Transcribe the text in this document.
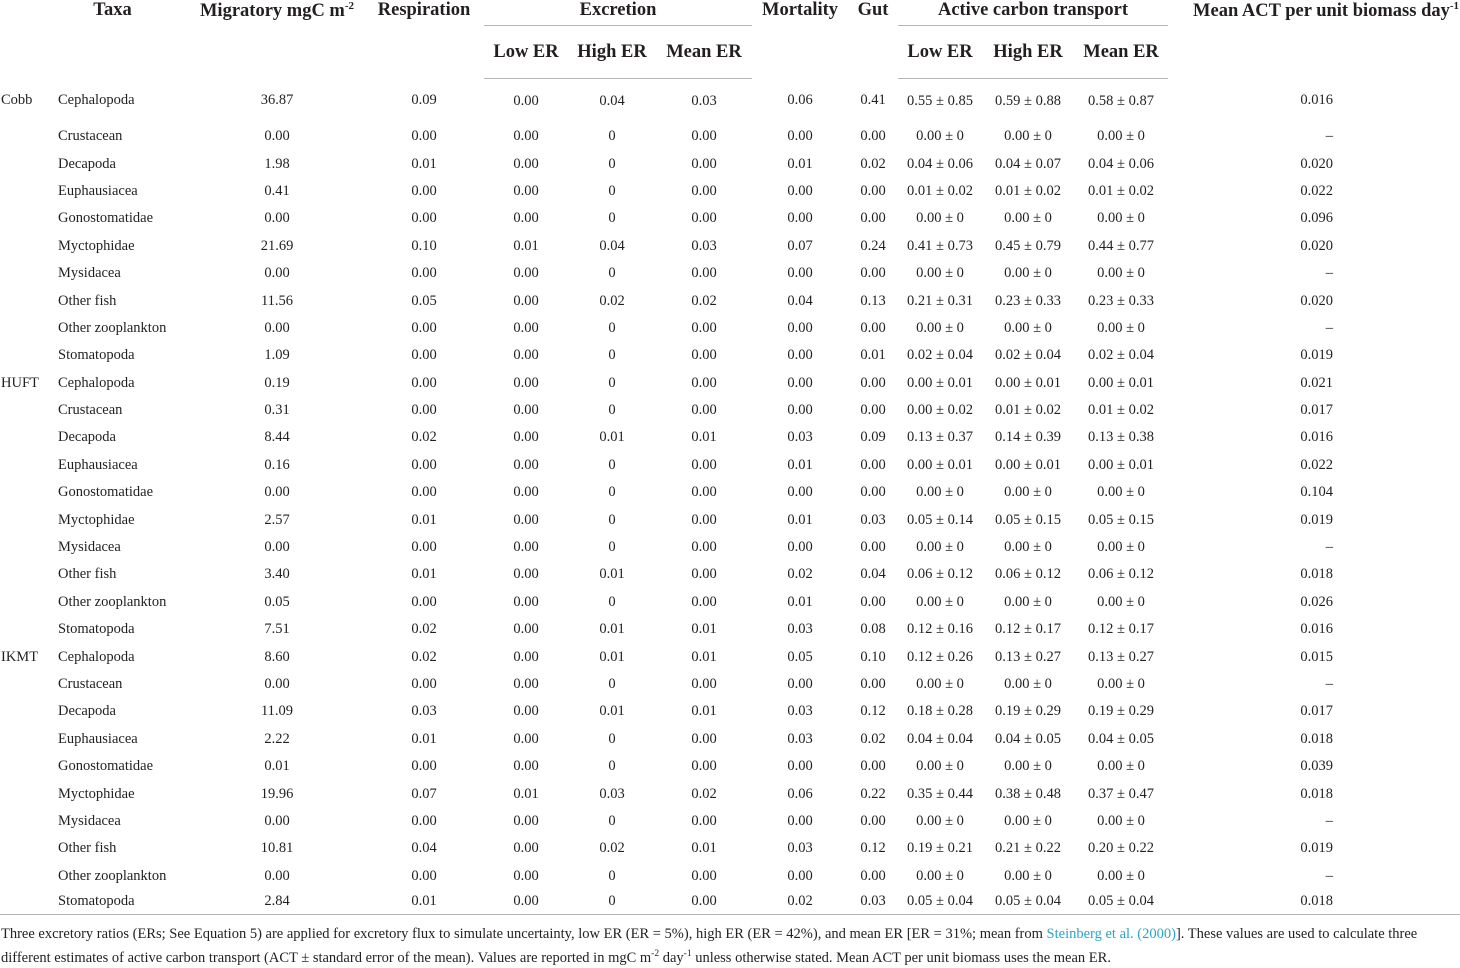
Taxa		Migratory mgC $m^{-2}$	Respiration	Excretion			Mortality	Gut	Active carbon transport			Mean ACT per unit biomass day$^{-1}$
				Low ER	High ER	Mean ER			Low ER	High ER	Mean ER	
Cobb	Cephalopoda	36.87	0.09	0.00	0.04	0.03	0.06	0.41	0.55 ± 0.85	0.59 ± 0.88	0.58 ± 0.87	0.016
	Crustacean	0.00	0.00	0.00	0	0.00	0.00	0.00	0.00 ± 0	0.00 ± 0	0.00 ± 0	–
	Decapoda	1.98	0.01	0.00	0	0.00	0.01	0.02	0.04 ± 0.06	0.04 ± 0.07	0.04 ± 0.06	0.020
	Euphausiacea	0.41	0.00	0.00	0	0.00	0.00	0.00	0.01 ± 0.02	0.01 ± 0.02	0.01 ± 0.02	0.022
	Gonostomatidae	0.00	0.00	0.00	0	0.00	0.00	0.00	0.00 ± 0	0.00 ± 0	0.00 ± 0	0.096
	Myctophidae	21.69	0.10	0.01	0.04	0.03	0.07	0.24	0.41 ± 0.73	0.45 ± 0.79	0.44 ± 0.77	0.020
	Mysidacea	0.00	0.00	0.00	0	0.00	0.00	0.00	0.00 ± 0	0.00 ± 0	0.00 ± 0	–
	Other fish	11.56	0.05	0.00	0.02	0.02	0.04	0.13	0.21 ± 0.31	0.23 ± 0.33	0.23 ± 0.33	0.020
	Other zooplankton	0.00	0.00	0.00	0	0.00	0.00	0.00	0.00 ± 0	0.00 ± 0	0.00 ± 0	–
	Stomatopoda	1.09	0.00	0.00	0	0.00	0.00	0.01	0.02 ± 0.04	0.02 ± 0.04	0.02 ± 0.04	0.019
HUFT	Cephalopoda	0.19	0.00	0.00	0	0.00	0.00	0.00	0.00 ± 0.01	0.00 ± 0.01	0.00 ± 0.01	0.021
	Crustacean	0.31	0.00	0.00	0	0.00	0.00	0.00	0.00 ± 0.02	0.01 ± 0.02	0.01 ± 0.02	0.017
	Decapoda	8.44	0.02	0.00	0.01	0.01	0.03	0.09	0.13 ± 0.37	0.14 ± 0.39	0.13 ± 0.38	0.016
	Euphausiacea	0.16	0.00	0.00	0	0.00	0.01	0.00	0.00 ± 0.01	0.00 ± 0.01	0.00 ± 0.01	0.022
	Gonostomatidae	0.00	0.00	0.00	0	0.00	0.00	0.00	0.00 ± 0	0.00 ± 0	0.00 ± 0	0.104
	Myctophidae	2.57	0.01	0.00	0	0.00	0.01	0.03	0.05 ± 0.14	0.05 ± 0.15	0.05 ± 0.15	0.019
	Mysidacea	0.00	0.00	0.00	0	0.00	0.00	0.00	0.00 ± 0	0.00 ± 0	0.00 ± 0	–
	Other fish	3.40	0.01	0.00	0.01	0.00	0.02	0.04	0.06 ± 0.12	0.06 ± 0.12	0.06 ± 0.12	0.018
	Other zooplankton	0.05	0.00	0.00	0	0.00	0.01	0.00	0.00 ± 0	0.00 ± 0	0.00 ± 0	0.026
	Stomatopoda	7.51	0.02	0.00	0.01	0.01	0.03	0.08	0.12 ± 0.16	0.12 ± 0.17	0.12 ± 0.17	0.016
IKMT	Cephalopoda	8.60	0.02	0.00	0.01	0.01	0.05	0.10	0.12 ± 0.26	0.13 ± 0.27	0.13 ± 0.27	0.015
	Crustacean	0.00	0.00	0.00	0	0.00	0.00	0.00	0.00 ± 0	0.00 ± 0	0.00 ± 0	–
	Decapoda	11.09	0.03	0.00	0.01	0.01	0.03	0.12	0.18 ± 0.28	0.19 ± 0.29	0.19 ± 0.29	0.017
	Euphausiacea	2.22	0.01	0.00	0	0.00	0.03	0.02	0.04 ± 0.04	0.04 ± 0.05	0.04 ± 0.05	0.018
	Gonostomatidae	0.01	0.00	0.00	0	0.00	0.00	0.00	0.00 ± 0	0.00 ± 0	0.00 ± 0	0.039
	Myctophidae	19.96	0.07	0.01	0.03	0.02	0.06	0.22	0.35 ± 0.44	0.38 ± 0.48	0.37 ± 0.47	0.018
	Mysidacea	0.00	0.00	0.00	0	0.00	0.00	0.00	0.00 ± 0	0.00 ± 0	0.00 ± 0	–
	Other fish	10.81	0.04	0.00	0.02	0.01	0.03	0.12	0.19 ± 0.21	0.21 ± 0.22	0.20 ± 0.22	0.019
	Other zooplankton	0.00	0.00	0.00	0	0.00	0.00	0.00	0.00 ± 0	0.00 ± 0	0.00 ± 0	–
	Stomatopoda	2.84	0.01	0.00	0	0.00	0.02	0.03	0.05 ± 0.04	0.05 ± 0.04	0.05 ± 0.04	0.018
Three excretory ratios (ERs; See Equation 5) are applied for excretory flux to simulate uncertainty, low ER (ER = 5%), high ER (ER = 42%), and mean ER [ER = 31%; mean from Steinberg et al. (2000)]. These values are used to calculate three different estimates of active carbon transport (ACT ± standard error of the mean). Values are reported in mgC $m^{-2}$ day$^{-1}$ unless otherwise stated. Mean ACT per unit biomass uses the mean ER.
